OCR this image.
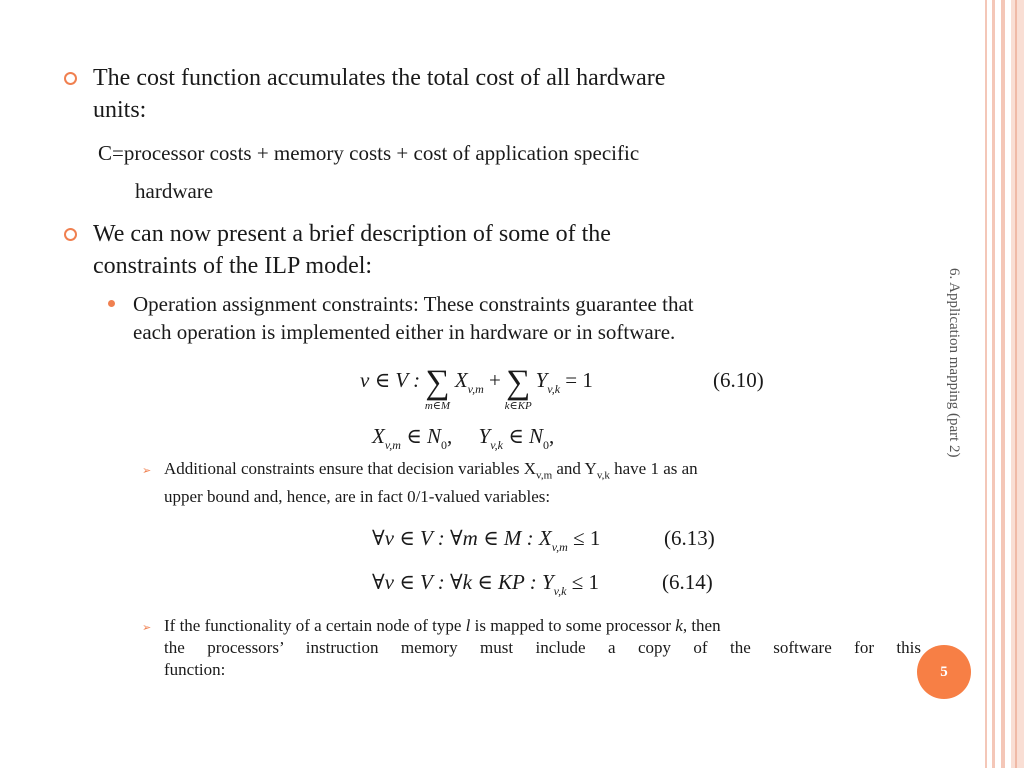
6. Application mapping (part 2)
5
The cost function accumulates the total cost of all hardware
units:
C=processor costs + memory costs + cost of application specific
hardware
We can now present a brief description of some of the
constraints of the ILP model:
Operation assignment constraints: These constraints guarantee that
each operation is implemented either in hardware or in software.
v ∈ V : ∑
m∈M
$X_{v,m}$ + ∑
k∈KP
$Y_{v,k} = 1$	(6.10)
$X_{v,m}$ ∈ $N_0$, $Y_{v,k}$ ∈ $N_0$,
➢ Additional constraints ensure that decision variables $X_{v,m}$ and $Y_{v,k}$ have 1 as an
upper bound and, hence, are in fact 0/1-valued variables:
∀v ∈ V : ∀m ∈ M : $X_{v,m} \le 1$	(6.13)
∀v ∈ V : ∀k ∈ KP : $Y_{v,k} \le 1$	(6.14)
➢ If the functionality of a certain node of type l is mapped to some processor k, then
the processors’ instruction memory must include a copy of the software for this
function:
